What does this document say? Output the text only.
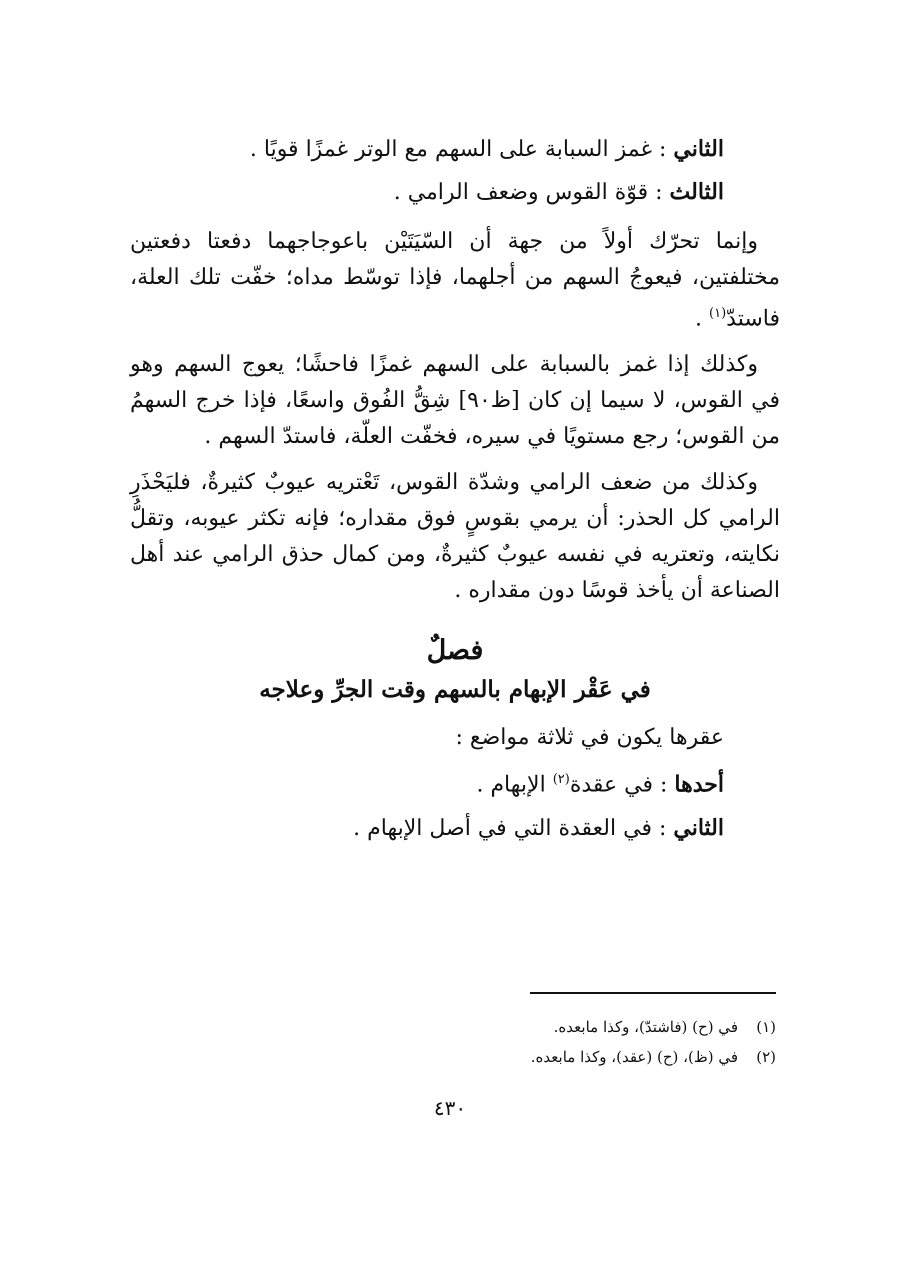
الثاني : غمز السبابة على السهم مع الوتر غمزًا قويًا .

الثالث : قوّة القوس وضعف الرامي .

وإنما تحرّك أولاً من جهة أن السّيَتَيْن باعوجاجهما دفعتا دفعتين مختلفتين، فيعوجُ السهم من أجلهما، فإذا توسّط مداه؛ خفّت تلك العلة، فاستدّ$^{(١)}$ .

وكذلك إذا غمز بالسبابة على السهم غمزًا فاحشًا؛ يعوج السهم وهو في القوس، لا سيما إن كان [ظ٩٠] شِقُّ الفُوق واسعًا، فإذا خرج السهمُ من القوس؛ رجع مستويًا في سيره، فخفّت العلّة، فاستدّ السهم .

وكذلك من ضعف الرامي وشدّة القوس، تَعْتريه عيوبٌ كثيرةٌ، فليَحْذَرِ الرامي كل الحذر: أن يرمي بقوسٍ فوق مقداره؛ فإنه تكثر عيوبه، وتقلُّ نكايته، وتعتريه في نفسه عيوبٌ كثيرةٌ، ومن كمال حذق الرامي عند أهل الصناعة أن يأخذ قوسًا دون مقداره .

فصلٌ
في عَقْر الإبهام بالسهم وقت الجرِّ وعلاجه

عقرها يكون في ثلاثة مواضع :

أحدها : في عقدة$^{(٢)}$ الإبهام .

الثاني : في العقدة التي في أصل الإبهام .

(١)في (ح) (فاشتدّ)، وكذا مابعده.
(٢)في (ظ)، (ح) (عقد)، وكذا مابعده.
٤٣٠
